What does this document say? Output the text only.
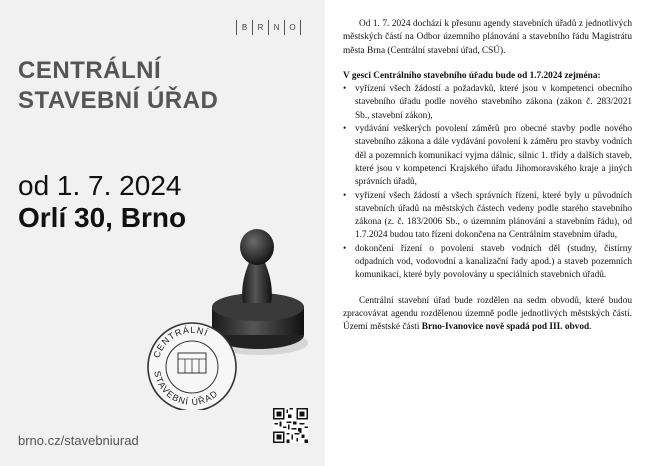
B	R	N	O
CENTRÁLNÍ
STAVEBNÍ ÚŘAD
od 1. 7. 2024
Orlí 30, Brno
CENTRÁLNÍ
STAVEBNÍ ÚŘAD
brno.cz/stavebniurad

Od 1. 7. 2024 dochází k přesunu agendy stavebních úřadů z jednotlivých městských částí na Odbor územního plánování a stavebního řádu Magistrátu města Brna (Centrální stavební úřad, CSÚ).

V gesci Centrálního stavebního úřadu bude od 1.7.2024 zejména:

• vyřízení všech žádostí a požadavků, které jsou v kompetenci obecního stavebního úřadu podle nového stavebního zákona (zákon č. 283/2021 Sb., stavební zákon),
• vydávání veškerých povolení záměrů pro obecné stavby podle nového stavebního zákona a dále vydávání povolení k záměru pro stavby vodních děl a pozemních komunikací vyjma dálnic, silnic 1. třídy a dalších staveb, které jsou v kompetenci Krajského úřadu Jihomoravského kraje a jiných správních úřadů,
• vyřízení všech žádostí a všech správních řízení, které byly u původních stavebních úřadů na městských částech vedeny podle starého stavebního zákona (z. č. 183/2006 Sb., o územním plánování a stavebním řádu), od 1.7.2024 budou tato řízení dokončena na Centrálním stavebním úřadu,
• dokončení řízení o povolení staveb vodních děl (studny, čistírny odpadních vod, vodovodní a kanalizační řady apod.) a staveb pozemních komunikací, které byly povolovány u speciálních stavebních úřadů.

Centrální stavební úřad bude rozdělen na sedm obvodů, které budou zpracovávat agendu rozdělenou územně podle jednotlivých městských částí. Území městské části Brno-Ivanovice nově spadá pod III. obvod.
